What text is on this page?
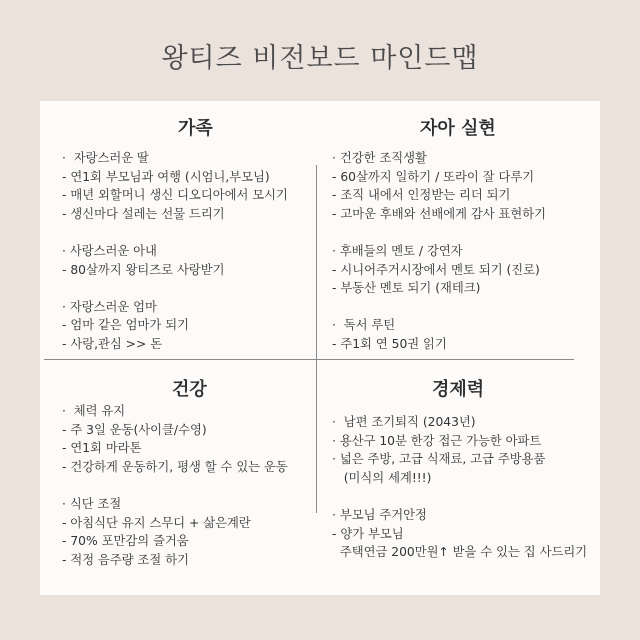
왕티즈 비전보드 마인드맵
가족
·  자랑스러운 딸
- 연1회 부모님과 여행 (시엄니,부모님)
- 매년 외할머니 생신 디오디아에서 모시기
- 생신마다 설레는 선물 드리기
· 사랑스러운 아내
- 80살까지 왕티즈로 사랑받기
· 자랑스러운 엄마
- 엄마 같은 엄마가 되기
- 사랑,관심 >> 돈
자아 실현
· 건강한 조직생활
- 60살까지 일하기 / 또라이 잘 다루기
- 조직 내에서 인정받는 리더 되기
- 고마운 후배와 선배에게 감사 표현하기
· 후배들의 멘토 / 강연자
- 시니어주거시장에서 멘토 되기 (진로)
- 부동산 멘토 되기 (재테크)
·  독서 루틴
- 주1회 연 50권 읽기
건강
·  체력 유지
- 주 3일 운동(사이클/수영)
- 연1회 마라톤
- 건강하게 운동하기, 평생 할 수 있는 운동
· 식단 조절
- 아침식단 유지 스무디 + 삶은계란
- 70% 포만감의 즐거움
- 적정 음주량 조절 하기
경제력
·  남편 조기퇴직 (2043년)
· 용산구 10분 한강 접근 가능한 아파트
· 넓은 주방, 고급 식재료, 고급 주방용품
(미식의 세계!!!)
· 부모님 주거안정
- 양가 부모님
주택연금 200만원↑ 받을 수 있는 집 사드리기
